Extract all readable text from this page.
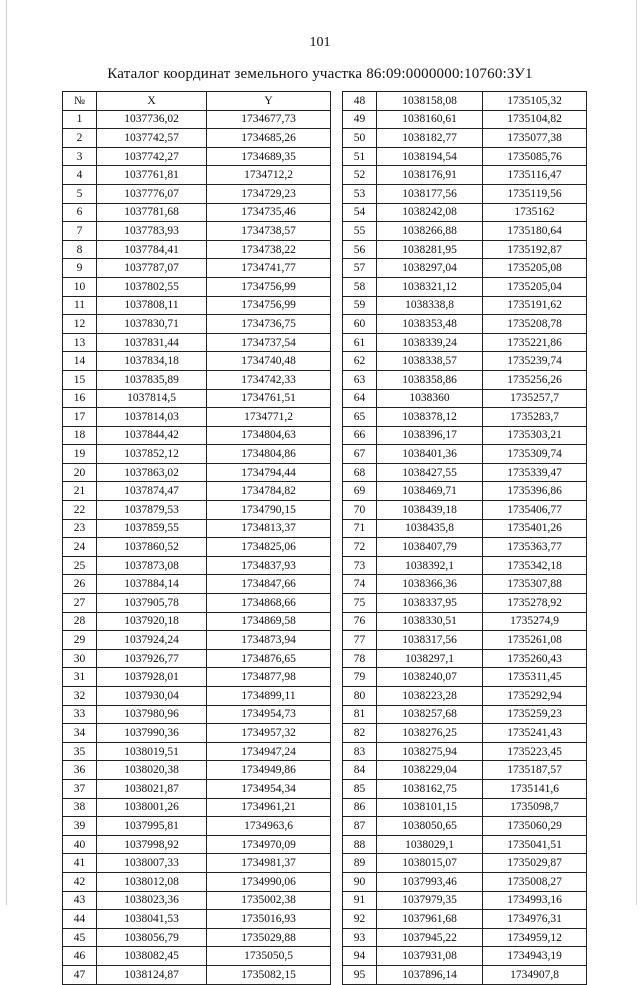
101
Каталог координат земельного участка 86:09:0000000:10760:ЗУ1
№	X	Y
1	1037736,02	1734677,73
2	1037742,57	1734685,26
3	1037742,27	1734689,35
4	1037761,81	1734712,2
5	1037776,07	1734729,23
6	1037781,68	1734735,46
7	1037783,93	1734738,57
8	1037784,41	1734738,22
9	1037787,07	1734741,77
10	1037802,55	1734756,99
11	1037808,11	1734756,99
12	1037830,71	1734736,75
13	1037831,44	1734737,54
14	1037834,18	1734740,48
15	1037835,89	1734742,33
16	1037814,5	1734761,51
17	1037814,03	1734771,2
18	1037844,42	1734804,63
19	1037852,12	1734804,86
20	1037863,02	1734794,44
21	1037874,47	1734784,82
22	1037879,53	1734790,15
23	1037859,55	1734813,37
24	1037860,52	1734825,06
25	1037873,08	1734837,93
26	1037884,14	1734847,66
27	1037905,78	1734868,66
28	1037920,18	1734869,58
29	1037924,24	1734873,94
30	1037926,77	1734876,65
31	1037928,01	1734877,98
32	1037930,04	1734899,11
33	1037980,96	1734954,73
34	1037990,36	1734957,32
35	1038019,51	1734947,24
36	1038020,38	1734949,86
37	1038021,87	1734954,34
38	1038001,26	1734961,21
39	1037995,81	1734963,6
40	1037998,92	1734970,09
41	1038007,33	1734981,37
42	1038012,08	1734990,06
43	1038023,36	1735002,38
44	1038041,53	1735016,93
45	1038056,79	1735029,88
46	1038082,45	1735050,5
47	1038124,87	1735082,15
48	1038158,08	1735105,32
49	1038160,61	1735104,82
50	1038182,77	1735077,38
51	1038194,54	1735085,76
52	1038176,91	1735116,47
53	1038177,56	1735119,56
54	1038242,08	1735162
55	1038266,88	1735180,64
56	1038281,95	1735192,87
57	1038297,04	1735205,08
58	1038321,12	1735205,04
59	1038338,8	1735191,62
60	1038353,48	1735208,78
61	1038339,24	1735221,86
62	1038338,57	1735239,74
63	1038358,86	1735256,26
64	1038360	1735257,7
65	1038378,12	1735283,7
66	1038396,17	1735303,21
67	1038401,36	1735309,74
68	1038427,55	1735339,47
69	1038469,71	1735396,86
70	1038439,18	1735406,77
71	1038435,8	1735401,26
72	1038407,79	1735363,77
73	1038392,1	1735342,18
74	1038366,36	1735307,88
75	1038337,95	1735278,92
76	1038330,51	1735274,9
77	1038317,56	1735261,08
78	1038297,1	1735260,43
79	1038240,07	1735311,45
80	1038223,28	1735292,94
81	1038257,68	1735259,23
82	1038276,25	1735241,43
83	1038275,94	1735223,45
84	1038229,04	1735187,57
85	1038162,75	1735141,6
86	1038101,15	1735098,7
87	1038050,65	1735060,29
88	1038029,1	1735041,51
89	1038015,07	1735029,87
90	1037993,46	1735008,27
91	1037979,35	1734993,16
92	1037961,68	1734976,31
93	1037945,22	1734959,12
94	1037931,08	1734943,19
95	1037896,14	1734907,8
